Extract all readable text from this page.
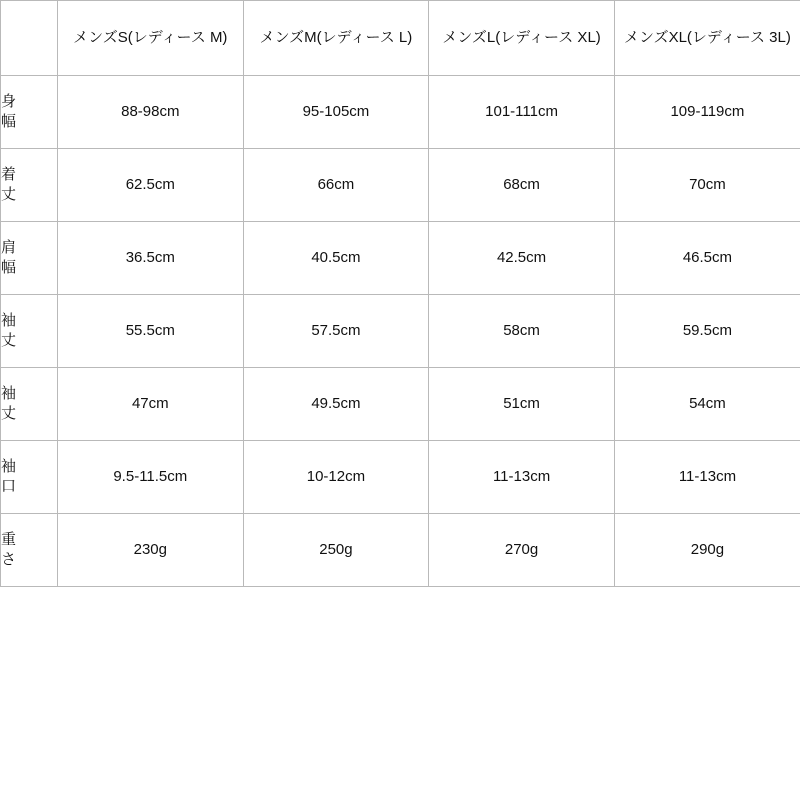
	メンズS(レディース M)	メンズM(レディース L)	メンズL(レディース XL)	メンズXL(レディース 3L)

身幅	88-98cm	95-105cm	101-111cm	109-119cm

着丈	62.5cm	66cm	68cm	70cm

肩幅	36.5cm	40.5cm	42.5cm	46.5cm

袖丈	55.5cm	57.5cm	58cm	59.5cm

袖丈	47cm	49.5cm	51cm	54cm

袖口	9.5-11.5cm	10-12cm	11-13cm	11-13cm

重さ	230g	250g	270g	290g
